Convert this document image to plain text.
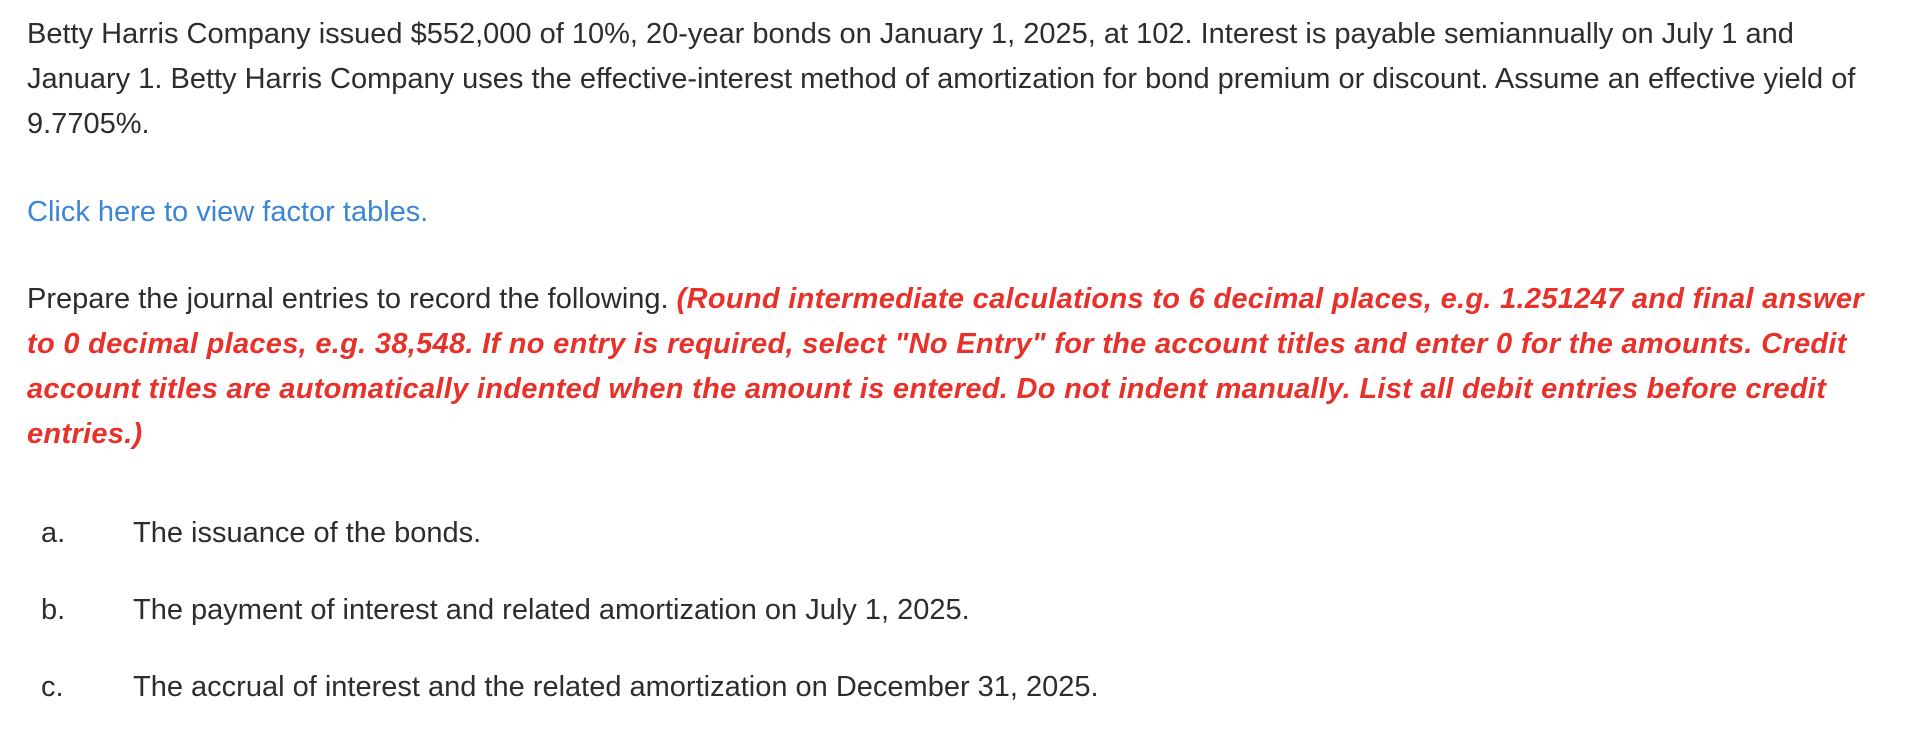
Betty Harris Company issued $552,000 of 10%, 20-year bonds on January 1, 2025, at 102. Interest is payable semiannually on July 1 and January 1. Betty Harris Company uses the effective-interest method of amortization for bond premium or discount. Assume an effective yield of 9.7705%.

Click here to view factor tables.

Prepare the journal entries to record the following. (Round intermediate calculations to 6 decimal places, e.g. 1.251247 and final answer to 0 decimal places, e.g. 38,548. If no entry is required, select "No Entry" for the account titles and enter 0 for the amounts. Credit account titles are automatically indented when the amount is entered. Do not indent manually. List all debit entries before credit entries.)

a.	The issuance of the bonds.
b.	The payment of interest and related amortization on July 1, 2025.
c.	The accrual of interest and the related amortization on December 31, 2025.
